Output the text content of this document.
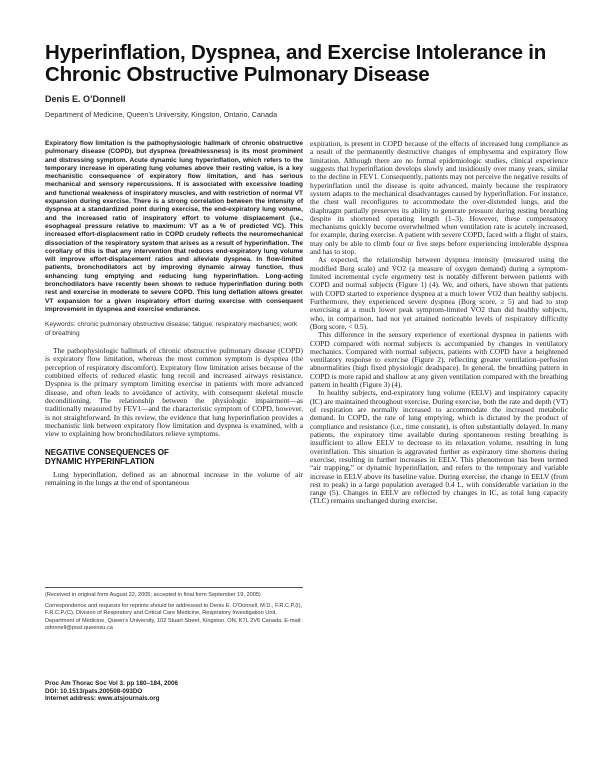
Hyperinflation, Dyspnea, and Exercise Intolerance in
Chronic Obstructive Pulmonary Disease
Denis E. O’Donnell
Department of Medicine, Queen’s University, Kingston, Ontario, Canada

Expiratory flow limitation is the pathophysiologic hallmark of chronic obstructive pulmonary disease (COPD), but dyspnea (breathlessness) is its most prominent and distressing symptom. Acute dynamic lung hyperinflation, which refers to the temporary increase in operating lung volumes above their resting value, is a key mechanistic consequence of expiratory flow limitation, and has serious mechanical and sensory repercussions. It is associated with excessive loading and functional weakness of inspiratory muscles, and with restriction of normal VT expansion during exercise. There is a strong correlation between the intensity of dyspnea at a standardized point during exercise, the end-expiratory lung volume, and the increased ratio of inspiratory effort to volume displacement (i.e., esophageal pressure relative to maximum: VT as a % of predicted VC). This increased effort-displacement ratio in COPD crudely reflects the neuromechanical dissociation of the respiratory system that arises as a result of hyperinflation. The corollary of this is that any intervention that reduces end-expiratory lung volume will improve effort-displacement ratios and alleviate dyspnea. In flow-limited patients, bronchodilators act by improving dynamic airway function, thus enhancing lung emptying and reducing lung hyperinflation. Long-acting bronchodilators have recently been shown to reduce hyperinflation during both rest and exercise in moderate to severe COPD. This lung deflation allows greater VT expansion for a given inspiratory effort during exercise with consequent improvement in dyspnea and exercise endurance.

Keywords: chronic pulmonary obstructive disease; fatigue; respiratory mechanics; work of breathing

The pathophysiologic hallmark of chronic obstructive pulmonary disease (COPD) is expiratory flow limitation, whereas the most common symptom is dyspnea (the perception of respiratory discomfort). Expiratory flow limitation arises because of the combined effects of reduced elastic lung recoil and increased airways resistance. Dyspnea is the primary symptom limiting exercise in patients with more advanced disease, and often leads to avoidance of activity, with consequent skeletal muscle deconditioning. The relationship between the physiologic impairment—as traditionally measured by FEV1—and the characteristic symptom of COPD, however, is not straightforward. In this review, the evidence that lung hyperinflation provides a mechanistic link between expiratory flow limitation and dyspnea is examined, with a view to explaining how bronchodilators relieve symptoms.

NEGATIVE CONSEQUENCES OF
DYNAMIC HYPERINFLATION

Lung hyperinflation, defined as an abnormal increase in the volume of air remaining in the lungs at the end of spontaneous

(Received in original form August 22, 2005; accepted in final form September 19, 2005)

Correspondence and requests for reprints should be addressed to Denis E. O’Donnell, M.D., F.R.C.P.(I), F.R.C.P.(C), Division of Respiratory and Critical Care Medicine, Respiratory Investigation Unit, Department of Medicine, Queen’s University, 102 Stuart Street, Kingston, ON, K7L 2V6 Canada. E-mail: odonnell@post.queensu.ca

Proc Am Thorac Soc Vol 3. pp 180–184, 2006
DOI: 10.1513/pats.200508-093DO
Internet address: www.atsjournals.org

expiration, is present in COPD because of the effects of increased lung compliance as a result of the permanently destructive changes of emphysema and expiratory flow limitation. Although there are no formal epidemiologic studies, clinical experience suggests that hyperinflation develops slowly and insidiously over many years, similar to the decline in FEV1. Consequently, patients may not perceive the negative results of hyperinflation until the disease is quite advanced, mainly because the respiratory system adapts to the mechanical disadvantages caused by hyperinflation. For instance, the chest wall reconfigures to accommodate the over-distended lungs, and the diaphragm partially preserves its ability to generate pressure during resting breathing despite its shortened operating length (1–3). However, these compensatory mechanisms quickly become overwhelmed when ventilation rate is acutely increased, for example, during exercise. A patient with severe COPD, faced with a flight of stairs, may only be able to climb four or five steps before experiencing intolerable dyspnea and has to stop.

As expected, the relationship between dyspnea intensity (measured using the modified Borg scale) and V̇O2 (a measure of oxygen demand) during a symptom-limited incremental cycle ergometry test is notably different between patients with COPD and normal subjects (Figure 1) (4). We, and others, have shown that patients with COPD started to experience dyspnea at a much lower V̇O2 than healthy subjects. Furthermore, they experienced severe dyspnea (Borg score, ≥ 5) and had to stop exercising at a much lower peak symptom-limited V̇O2 than did healthy subjects, who, in comparison, had not yet attained noticeable levels of respiratory difficulty (Borg score, < 0.5).

This difference in the sensory experience of exertional dyspnea in patients with COPD compared with normal subjects is accompanied by changes in ventilatory mechanics. Compared with normal subjects, patients with COPD have a heightened ventilatory response to exercise (Figure 2), reflecting greater ventilation–perfusion abnormalities (high fixed physiologic deadspace). In general, the breathing pattern in COPD is more rapid and shallow at any given ventilation compared with the breathing pattern in health (Figure 3) (4).

In healthy subjects, end-expiratory lung volume (EELV) and inspiratory capacity (IC) are maintained throughout exercise. During exercise, both the rate and depth (VT) of respiration are normally increased to accommodate the increased metabolic demand. In COPD, the rate of lung emptying, which is dictated by the product of compliance and resistance (i.e., time constant), is often substantially delayed. In many patients, the expiratory time available during spontaneous resting breathing is insufficient to allow EELV to decrease to its relaxation volume, resulting in lung overinflation. This situation is aggravated further as expiratory time shortens during exercise, resulting in further increases in EELV. This phenomenon has been termed “air trapping,” or dynamic hyperinflation, and refers to the temporary and variable increase in EELV above its baseline value. During exercise, the change in EELV (from rest to peak) in a large population averaged 0.4 L, with considerable variation in the range (5). Changes in EELV are reflected by changes in IC, as total lung capacity (TLC) remains unchanged during exercise.
